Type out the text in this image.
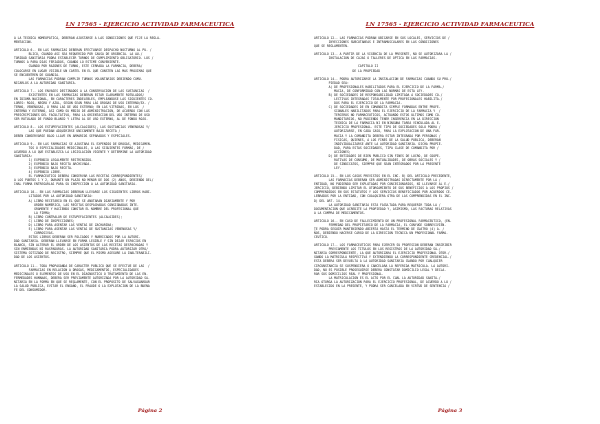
LN 17565 - EJERCICIO ACTIVIDAD FARMACEUTICA
A LA TECNICA HOMEOPATICA, DEBERAN AJUSTARSE A LAS CONDICIONES QUE FIJE LA REGLA-
MENTACION.

ARTICULO 6.- EN LAS FARMACIAS DEBERAN EFECTUARSE DESPACHO NOCTURNO AL PU- /
BLICO, CUANDO ASI SEA REQUERIDO POR CAUSA DE URGENCIA. LA AU-/
TORIDAD SANITARIA PODRA ESTABLECER TURNOS DE CUMPLIMIENTO OBLIGATORIO. LOS /
TURNOS A PARA DIAS FERIADOS, CUANDO LO ESTIME CONVENIENTE.
CUANDO POR RAZONES DE TURNO, ESTE CERRADA LA FARMACIA, DEBERA/
COLOCARSE EN LUGAR VISIBLE UN CARTEL EN EL QUE CONSTEN LAS MAS PROXIMAS QUE
SE ENCUENTREN DE GUARDIA.
LAS FARMACIAS PODRAN CUMPLIR TURNOS VOLUNTARIOS DEBIENDO COMU-
NICARLOS A LA AUTORIDAD SANITARIA.

ARTICULO 7.- LOS ENVASES DESTINADOS A LA CONSERVACION DE LAS SUSTANCIAS  /
EXISTENTES EN LAS FARMACIAS DEBERAN ESTAR CLARAMENTE ROTULADOS/
EN IDIOMA NACIONAL, EN CARACTERES INDELEBLES, EMPLEANDOSE LAS SIGUIENTES CO-
LORES: ROJO, NEGRO Y AZUL, SEGUN SEAN PARA LAS DROGAS DE USO INTERNO/EX- /
TERNO, VENENOSAS, O PARA LAS DE USO EXTERNO; EN LAS VITRINAS, EN LOS  /
INTERNO Y EXTERNO, ASI COMO SU MEDIO DE ADMINISTRACION, DE ACUERDO CON LAS
PRESCRIPCIONES DEL FACULTATIVO, PARA LA ORIENTACION DEL USO INTERNO DE USO
SER RUTULADO DE FONDO BLANCO Y LETRA AL DE USO EXTERNO, AL DE FONDO ROJO.

ARTICULO 8.- LOS ESTUPEFACIENTES (ALCALOIDES), LAS SUSTANCIAS VENENOSAS Y/
LAS QUE PUEDAN ADQUIRIRSE UNICAMENTE BAJO RECETA /
DEBEN CONSERVARSE BAJO LLAVE EN ARMARIOS SEPARADOS Y ESPECIALES.

ARTICULO 9.- EN LAS FARMACIAS SE AJUSTARA EL EXPENDIO DE DROGAS, MEDICAMEN-
TOS O ESPECIALIDADES MEDICINALES, A LAS SIGUIENTES FORMAS, DE /
ACUERDO A LO QUE ESTABLEZCA LA LEGISLACION VIGENTE Y DETERMINE LA AUTORIDAD
SANITARIA:
1) EXPENDIO LEGALMENTE RESTRINGIDO.
2) EXPENDIO BAJO RECETA ARCHIVADA.
3) EXPENDIO BAJO RECETA.
4) EXPENDIO LIBRE.
EL FARMACEUTICO DEBERA CONSERVAR LAS RECETAS CORRESPONDIENTES/
A LOS PUNTOS 1 Y 2, DURANTE UN PLAZO NO MENOR DE DOS (2) AÑOS, DEBIENDO DEL/
IHAL FORMA ENTREGARLAS PARA SU INSPECCION A LA AUTORIDAD SANITARIA.

ARTICULO 10.- EN LAS FARMACIAS DEBERAN LLEVARSE LOS SIGUIENTES LIBROS HABI-
LITADOS POR LA AUTORIDAD SANITARIA:
A) LIBRO RECETARIO EN EL QUE SE ANOTARAN DIARIAMENTE Y POR
ORDEN NUMERICO, LAS RECETAS DESPACHADAS CONSIGNADAS INTE-
GRAMENTE Y HACIENDO CONSTAR EL NOMBRE DEL PROFESIONAL QUE
LA FIRMA;
B) LIBRO CONTRALOR DE ESTUPEFACIENTES (ALCALOIDES);
C) LIBRO DE INSPECCIONES;
D) LIBRO PARA ASENTAR LAS VENTAS DE ZACHARINA;
E) LIBRO PARA ASENTAR LAS VENTAS DE SUSTANCIAS VENENOSAS Y/
CORROSIVAS.
ESTOS LIBROS DEBERAN SER FOLIADOS Y RUBRICADOS POR LA AUTORI-
DAD SANITARIA. DEBERAN LLEVARSE EN FORMA LEGIBLE Y SIN DEJAR ESPACIOS EN
BLANCO, SIN ALTERAR EL ORDEN DE LOS ASIENTOS DE LAS RECETAS DESPACHADAS Y
SIN ENMIENDAS NI RASPADURAS. LA AUTORIDAD SANITARIA PODRA AUTORIZAR OTRO/
SISTEMA COTIZADO DE REGISTRO, SIEMPRE QUE EL MISMO ASEGURE LA INALTERABILI-
DAD DE LOS ASIENTOS.

ARTICULO 11.- TODA PROPAGANDA DE CARACTER PUBLICO QUE SE EFECTUE DE LAS  /
FARMACIAS EN RELACION A DROGAS, MEDICAMENTOS, ESPECIALIDADES
MEDICINALES O ELEMENTOS DE USO EN EL DIAGNOSTICO O TRATAMIENTO DE LAS EN-
FERMEDADES HUMANAS, DEBERA SER PREVIAMENTE AUTORIZADA POR LA AUTORIDAD SA-
NITARIA EN LA FORMA EN QUE SE REGLAMENTE, CON EL PROPOSITO DE SALVAGUARDAR
LA SALUD PUBLICA, EVITAR EL ENGAÑO, EL FRAUDE O LA EXPLOTACION DE LA BUENA
FE DEL CONSUMIDOR.
Página 2
LN 17565 - EJERCICIO ACTIVIDAD FARMACEUTICA
ARTICULO 12.- LAS FARMACIAS PODRAN UBICARSE EN SUS LOCALES, SERVICIOS DE /
INYECCIONES SUBCUTANEAS E INTRAMUSCULARES EN LAS CONDICIONES
QUE SE REGLAMENTEN.

ARTICULO 13.- A PARTIR DE LA VIGENCIA DE LA PRESENTE, NO SE AUTORIZARA LA /
INSTALACION DE CAJAS O TALLERES DE OPTICA EN LAS FARMACIAS.

CAPITULO II
DE LA PROPIEDAD

ARTICULO 14.- PODRA AUTORIZARSE LA INSTALACION DE FARMACIAS CUANDO SU PRO-/
PIEDAD SEA:
A) DE PROFESIONALES HABILITADOS PARA EL EJERCICIO DE LA FARMA-/
MACIA, DE CONFORMIDAD CON LAS NORMAS DE ESTA LEY.
B) DE SOCIEDADES DE RESPONSABILIDAD LIMITADA A SOCIEDADES CO-/
LECTIVAS INTEGRADAS TOTALMENTE POR PROFESIONALES HABILITA-/
DOS PARA EL EJERCICIO DE LA FARMACIA.
C) DE SOCIEDADES DE EN COMANDITA SIMPLE FORMADAS ENTRE PROFE-
SIONALES HABILITADOS PARA EL EJERCICIO DE LA FARMACIA Y  /
TERCEROS NO FARMACEUTICOS, ACTUANDO ESTOS ULTIMOS COMO CO-
MANDITARIOS, NO PUDIENDO TENER INGERENCIA EN LA DIRECCION
TECNICA DE LA FARMACIA NI EN NINGUNA TAREA VINCULADA AL E-
JERCICIO PROFESIONAL. ESTE TIPO DE SOCIEDADES SOLO PODRA /
AUTORIZARSE, EN CADA CASO, PARA LA EXPLOTACION DE UNA FAR-
MACIA Y LA COMANDITA DEBERA ESTAR INTEGRADA POR PERSONAS /
FISICAS, QUIENES, A LOS FINES DE LA SALUD PUBLICA, DEBERAN
INDIVIDUALIZARSE ANTE LA AUTORIDAD SANITARIA. DICHA PROPIE-
DAD, PARA ESTAS SOCIEDADES, TIPA CLASE DE COMANDITA POR /
ACCIONES;
D) DE ENTIDADES DE BIEN PUBLICO SIN FINES DE LUCRO, DE COOPE-
RATIVAS DE CONSUMO, DE MUTUALIDADES, DE OBRAS SOCIALES Y /
DE SINDICATOS, SIEMPRE QUE SEAN INTEGRADOS POR LA PRESENTE
LEY.

ARTICULO 15.- EN LOS CASOS PREVISTOS EN EL INC. B) DEL ARTICULO PRECEDENTE,
LAS FARMACIAS DEBERAN SER ADMINISTRADAS DIRECTAMENTE POR LA /
ENTIDAD, NO PUDIENDO SER EXPLOTADAS POR CONCESIONARIOS, NI LLEVARSE AL E-/
JERCICIO, DEBIENDO LIMITAR EL OTORGAMIENTO DE SUS BENEFICIOS A LOS PROPIOS /
COMPRENDIDOS EN SUS ESTATUTOS Y LOS SERVICIOS BENEFICIADOS POR ACUERDOS CE-
LEBRADOS POR LA ENTIDAD, CON CUALQUIERA OTRA DE LAS COMPRENDIDAS EN EL INC.
D) DEL ART. 14.
LA AUTORIDAD SANITARIA ESTA FACULTADA PARA REQUERIR TODA LA /
DOCUMENTACION QUE ACREDITE LA PROPIEDAD Y, ASIMISMO, LAS FACTURAS RELATIVAS
A LA COMPRA DE MEDICAMENTOS.

ARTICULO 16.- EN CASO DE FALLECIMIENTO DE UN PROFESIONAL FARMACEUTICO, (EN-
FERMEDAD DEL PROPIETARIO DE LA FARMACIA, EL CONYUGE SOBREVIVIEN-
TE PODRA SEGUIR MANTENIENDO ABIERTA HASTA EL TERMINO DE CUATRO (4) A- /
ÑOS, DEBIENDO HACERSE CARGO DE LA DIRECCION TECNICA UN PROFESIONAL FARMA-
CEUTICO.

ARTICULO 17.- LOS FARMACEUTICOS PARA EJERCER SU PROFESION DEBERAN INSCRIBIR
PREVIAMENTE LOS TITULOS EN LOS REGISTROS DE LA AUTORIDAD SA-/
NITARIA CORRESPONDIENTE, LA QUE AUTORIZARA EL EJERCICIO PROFESIONAL OTOR-/
GANDO LA MATRICULA RESPECTIVA Y EXTENDIENDO LA CORRESPONDIENTE CREDENCIAL./
ESTA DEBERA SER DEVUELTA A LA AUTORIDAD SANITARIA CUANDO POR CUALQUIER
CIRCUNSTANCIA SE SUSPENDIERA O CANCELARA LA REFERIDA MATRICULA. LA AUTORI-
DAD, NO ES POSIBLE PROSEGUIRSE DEBERA CONSTATAR DOMICILIO LEGAL Y DECLA-
RAR SUS DOMICILIOS REAL Y PROFESIONAL.
LA MATRICULACION ES EL ACTO POR EL CUAL LA AUTORIDAD SANITA-/
RIA OTORGA LA AUTORIZACION PARA EL EJERCICIO PROFESIONAL, DE ACUERDO A LO /
ESTABLECIDO EN LA PRESENTE, Y PODRA SER CANCELADA EN VIRTUD DE SENTENCIA /
Página 3
